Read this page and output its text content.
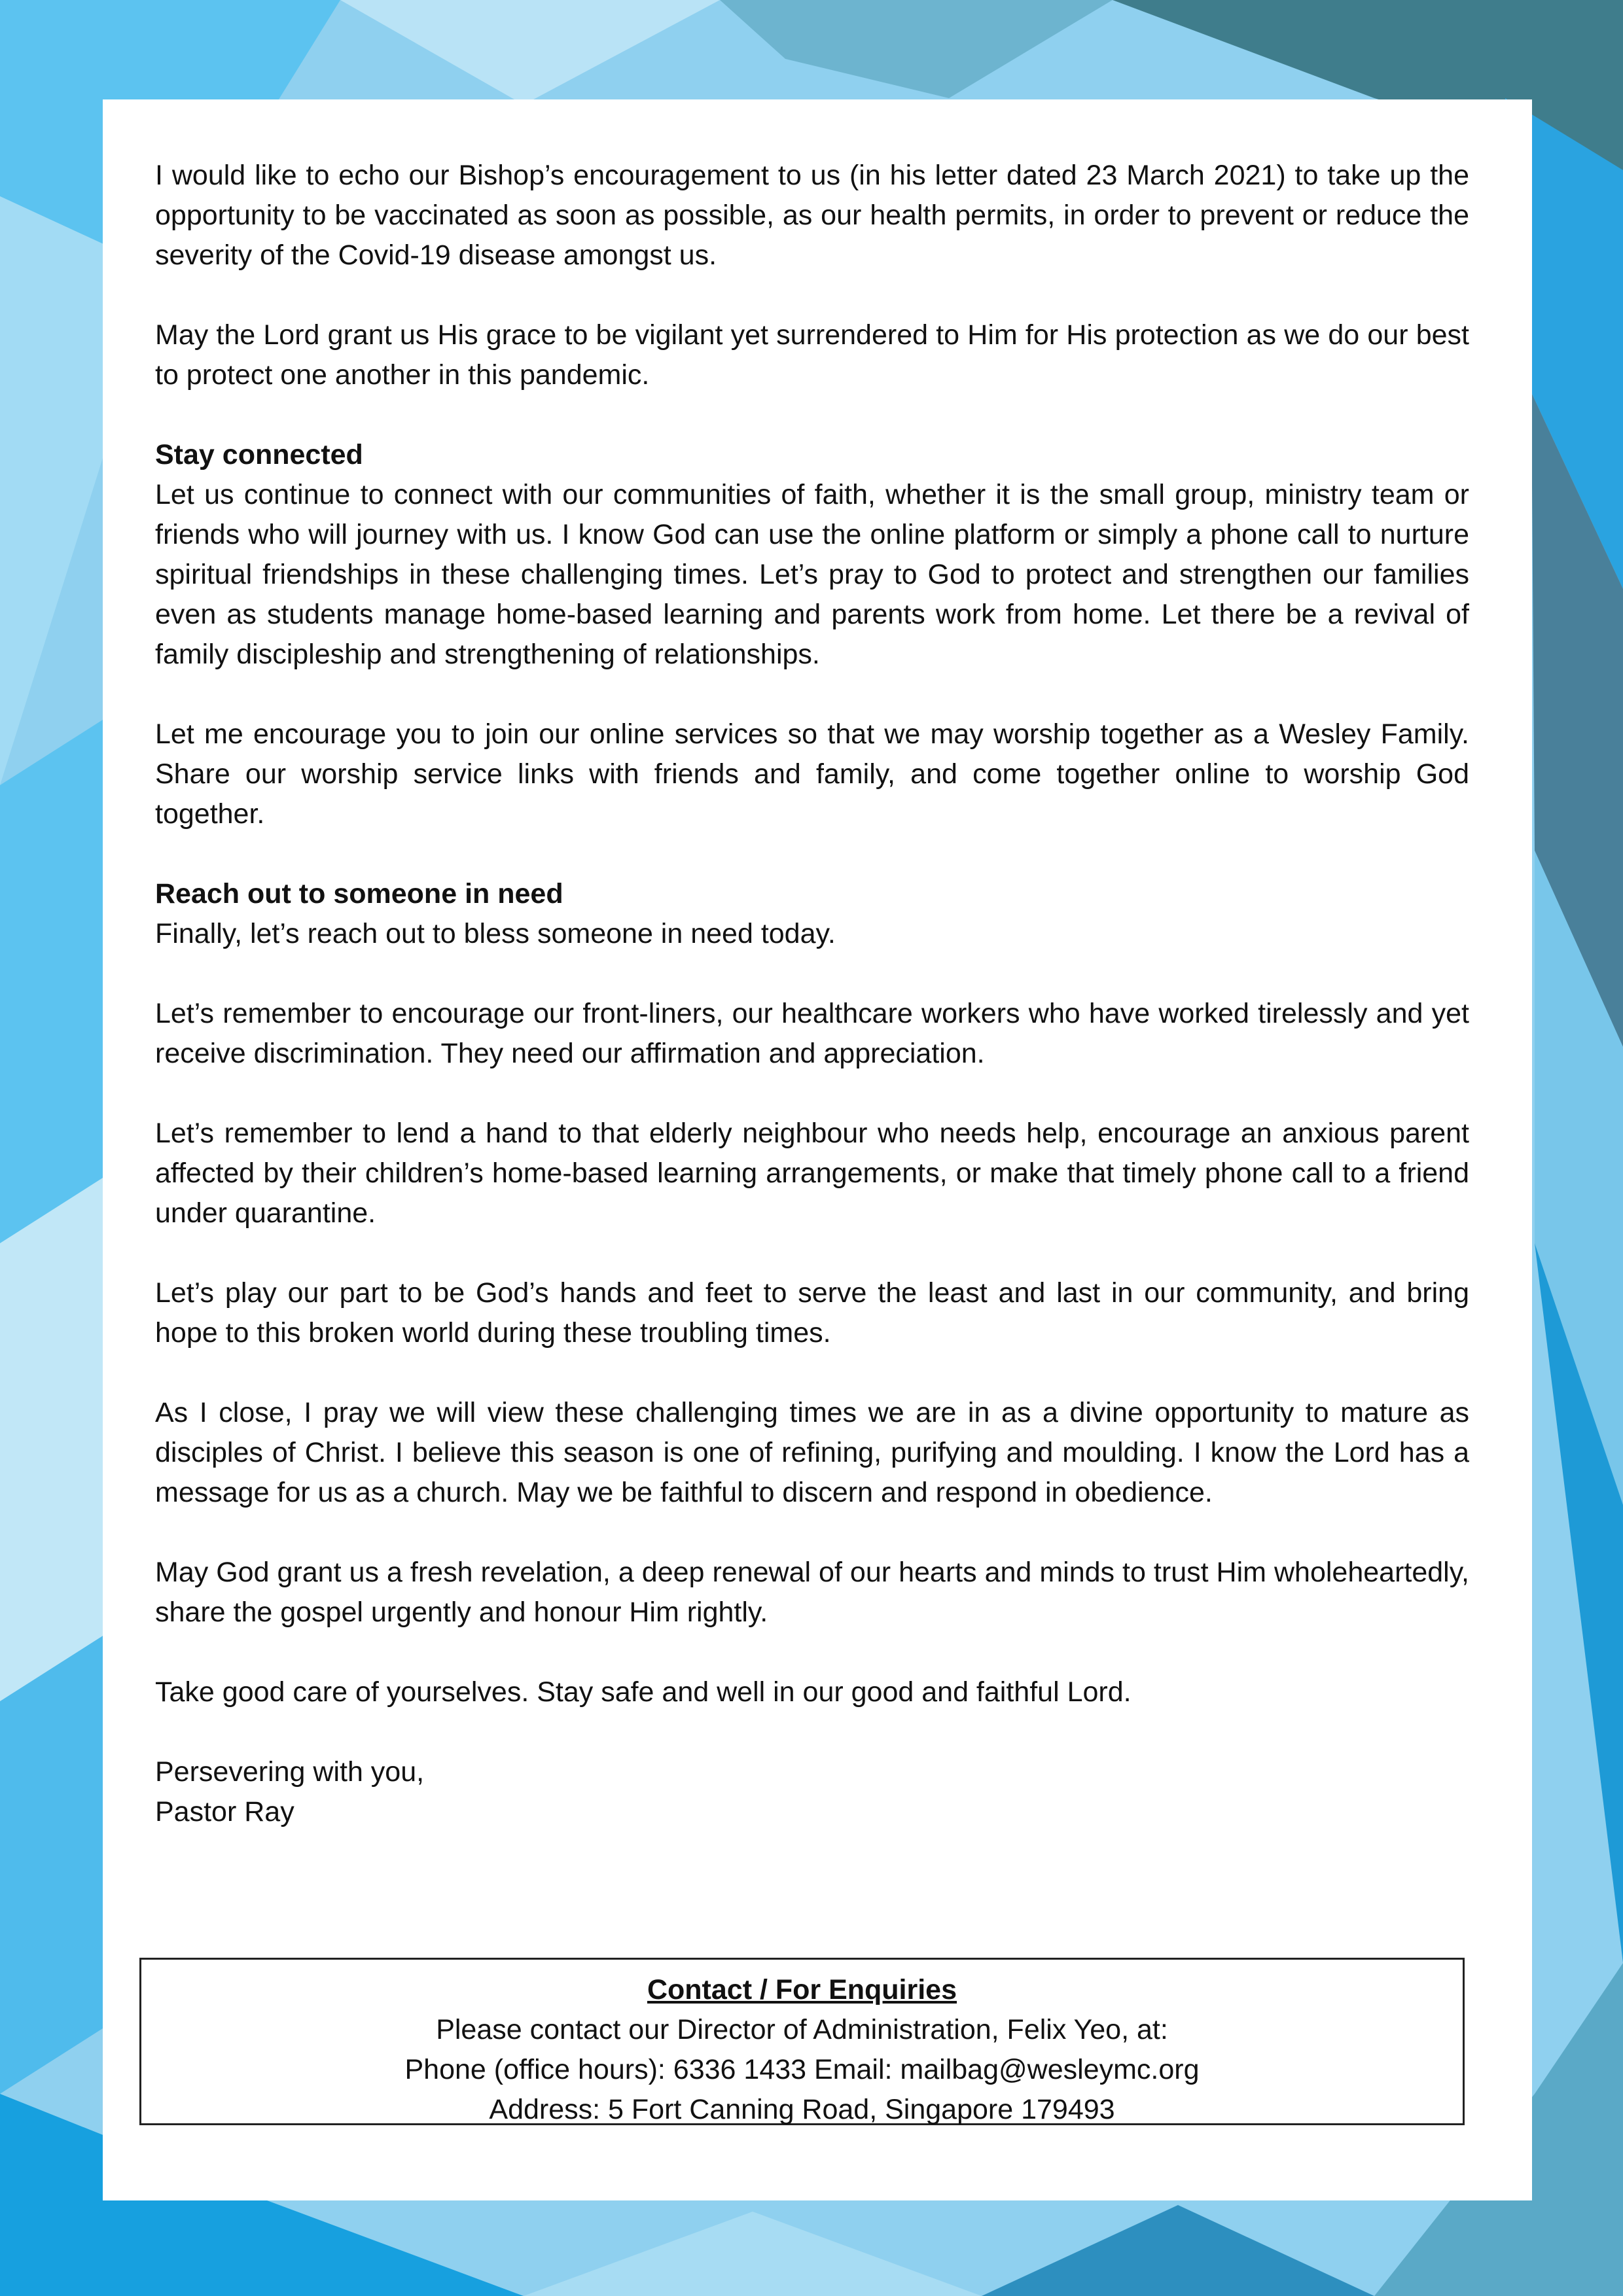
I would like to echo our Bishop’s encouragement to us (in his letter dated 23 March 2021) to take up the opportunity to be vaccinated as soon as possible, as our health permits, in order to prevent or reduce the severity of the Covid-19 disease amongst us.

May the Lord grant us His grace to be vigilant yet surrendered to Him for His protection as we do our best to protect one another in this pandemic.

Stay connected
Let us continue to connect with our communities of faith, whether it is the small group, ministry team or friends who will journey with us. I know God can use the online platform or simply a phone call to nurture spiritual friendships in these challenging times. Let’s pray to God to protect and strengthen our families even as students manage home-based learning and parents work from home. Let there be a revival of family discipleship and strengthening of relationships.

Let me encourage you to join our online services so that we may worship together as a Wesley Family. Share our worship service links with friends and family, and come together online to worship God together.

Reach out to someone in need
Finally, let’s reach out to bless someone in need today.

Let’s remember to encourage our front-liners, our healthcare workers who have worked tirelessly and yet receive discrimination. They need our affirmation and appreciation.

Let’s remember to lend a hand to that elderly neighbour who needs help, encourage an anxious parent affected by their children’s home-based learning arrangements, or make that timely phone call to a friend under quarantine.

Let’s play our part to be God’s hands and feet to serve the least and last in our community, and bring hope to this broken world during these troubling times.

As I close, I pray we will view these challenging times we are in as a divine opportunity to mature as disciples of Christ. I believe this season is one of refining, purifying and moulding. I know the Lord has a message for us as a church. May we be faithful to discern and respond in obedience.

May God grant us a fresh revelation, a deep renewal of our hearts and minds to trust Him wholeheartedly, share the gospel urgently and honour Him rightly.

Take good care of yourselves. Stay safe and well in our good and faithful Lord.

Persevering with you,
Pastor Ray

Contact / For Enquiries
Please contact our Director of Administration, Felix Yeo, at:
Phone (office hours): 6336 1433 Email: mailbag@wesleymc.org
Address: 5 Fort Canning Road, Singapore 179493
